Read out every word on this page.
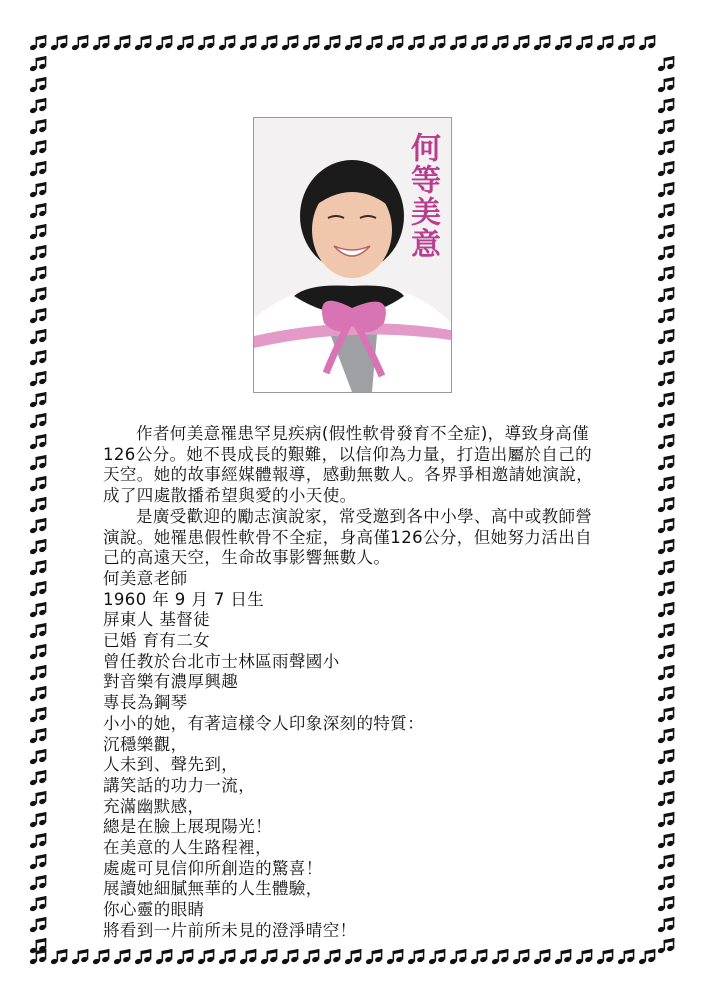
何等美意

作者何美意罹患罕見疾病(假性軟骨發育不全症)，導致身高僅126公分。她不畏成長的艱難，以信仰為力量，打造出屬於自己的天空。她的故事經媒體報導，感動無數人。各界爭相邀請她演說，成了四處散播希望與愛的小天使。

是廣受歡迎的勵志演說家，常受邀到各中小學、高中或教師營演說。她罹患假性軟骨不全症，身高僅126公分，但她努力活出自己的高遠天空，生命故事影響無數人。

何美意老師
1960 年 9 月 7 日生
屏東人 基督徒
已婚 育有二女
曾任教於台北市士林區雨聲國小
對音樂有濃厚興趣
專長為鋼琴
小小的她，有著這樣令人印象深刻的特質：
沉穩樂觀，
人未到、聲先到，
講笑話的功力一流，
充滿幽默感，
總是在臉上展現陽光！
在美意的人生路程裡，
處處可見信仰所創造的驚喜！
展讀她細膩無華的人生體驗，
你心靈的眼睛
將看到一片前所未見的澄淨晴空！
